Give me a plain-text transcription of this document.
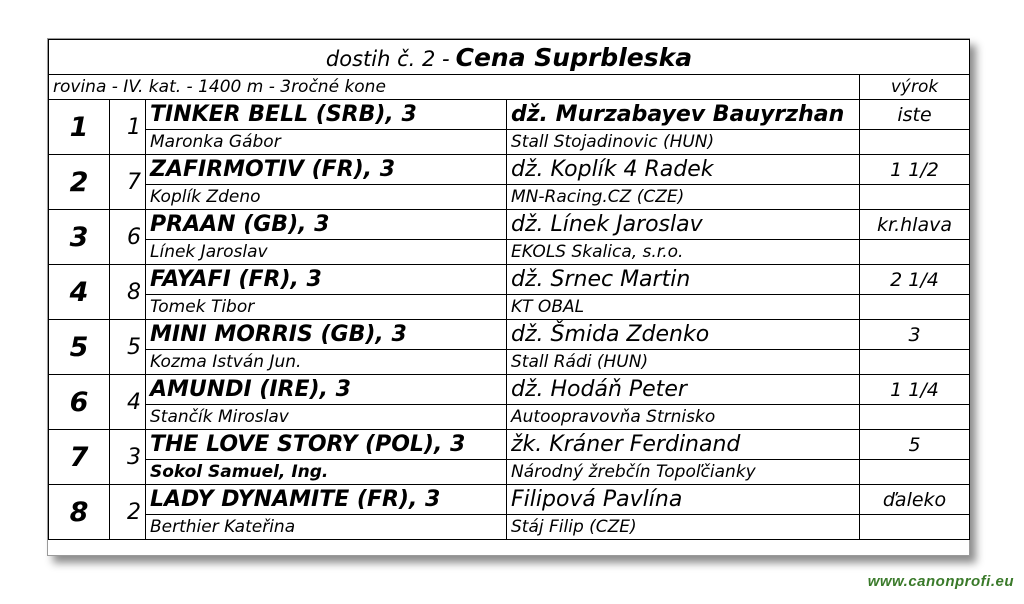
dostih č. 2 - Cena Suprbleska				
rovina - IV. kat. - 1400 m - 3ročné kone				výrok
1	1	TINKER BELL (SRB), 3	dž. Murzabayev Bauyrzhan	iste
		Maronka Gábor	Stall Stojadinovic (HUN)	
2	7	ZAFIRMOTIV (FR), 3	dž. Koplík 4 Radek	1 1/2
		Koplík Zdeno	MN-Racing.CZ (CZE)	
3	6	PRAAN (GB), 3	dž. Línek Jaroslav	kr.hlava
		Línek Jaroslav	EKOLS Skalica, s.r.o.	
4	8	FAYAFI (FR), 3	dž. Srnec Martin	2 1/4
		Tomek Tibor	KT OBAL	
5	5	MINI MORRIS (GB), 3	dž. Šmida Zdenko	3
		Kozma István Jun.	Stall Rádi (HUN)	
6	4	AMUNDI (IRE), 3	dž. Hodáň Peter	1 1/4
		Stančík Miroslav	Autoopravovňa Strnisko	
7	3	THE LOVE STORY (POL), 3	žk. Kráner Ferdinand	5
		Sokol Samuel, Ing.	Národný žrebčín Topoľčianky	
8	2	LADY DYNAMITE (FR), 3	Filipová Pavlína	ďaleko
		Berthier Kateřina	Stáj Filip (CZE)	
www.canonprofi.eu
